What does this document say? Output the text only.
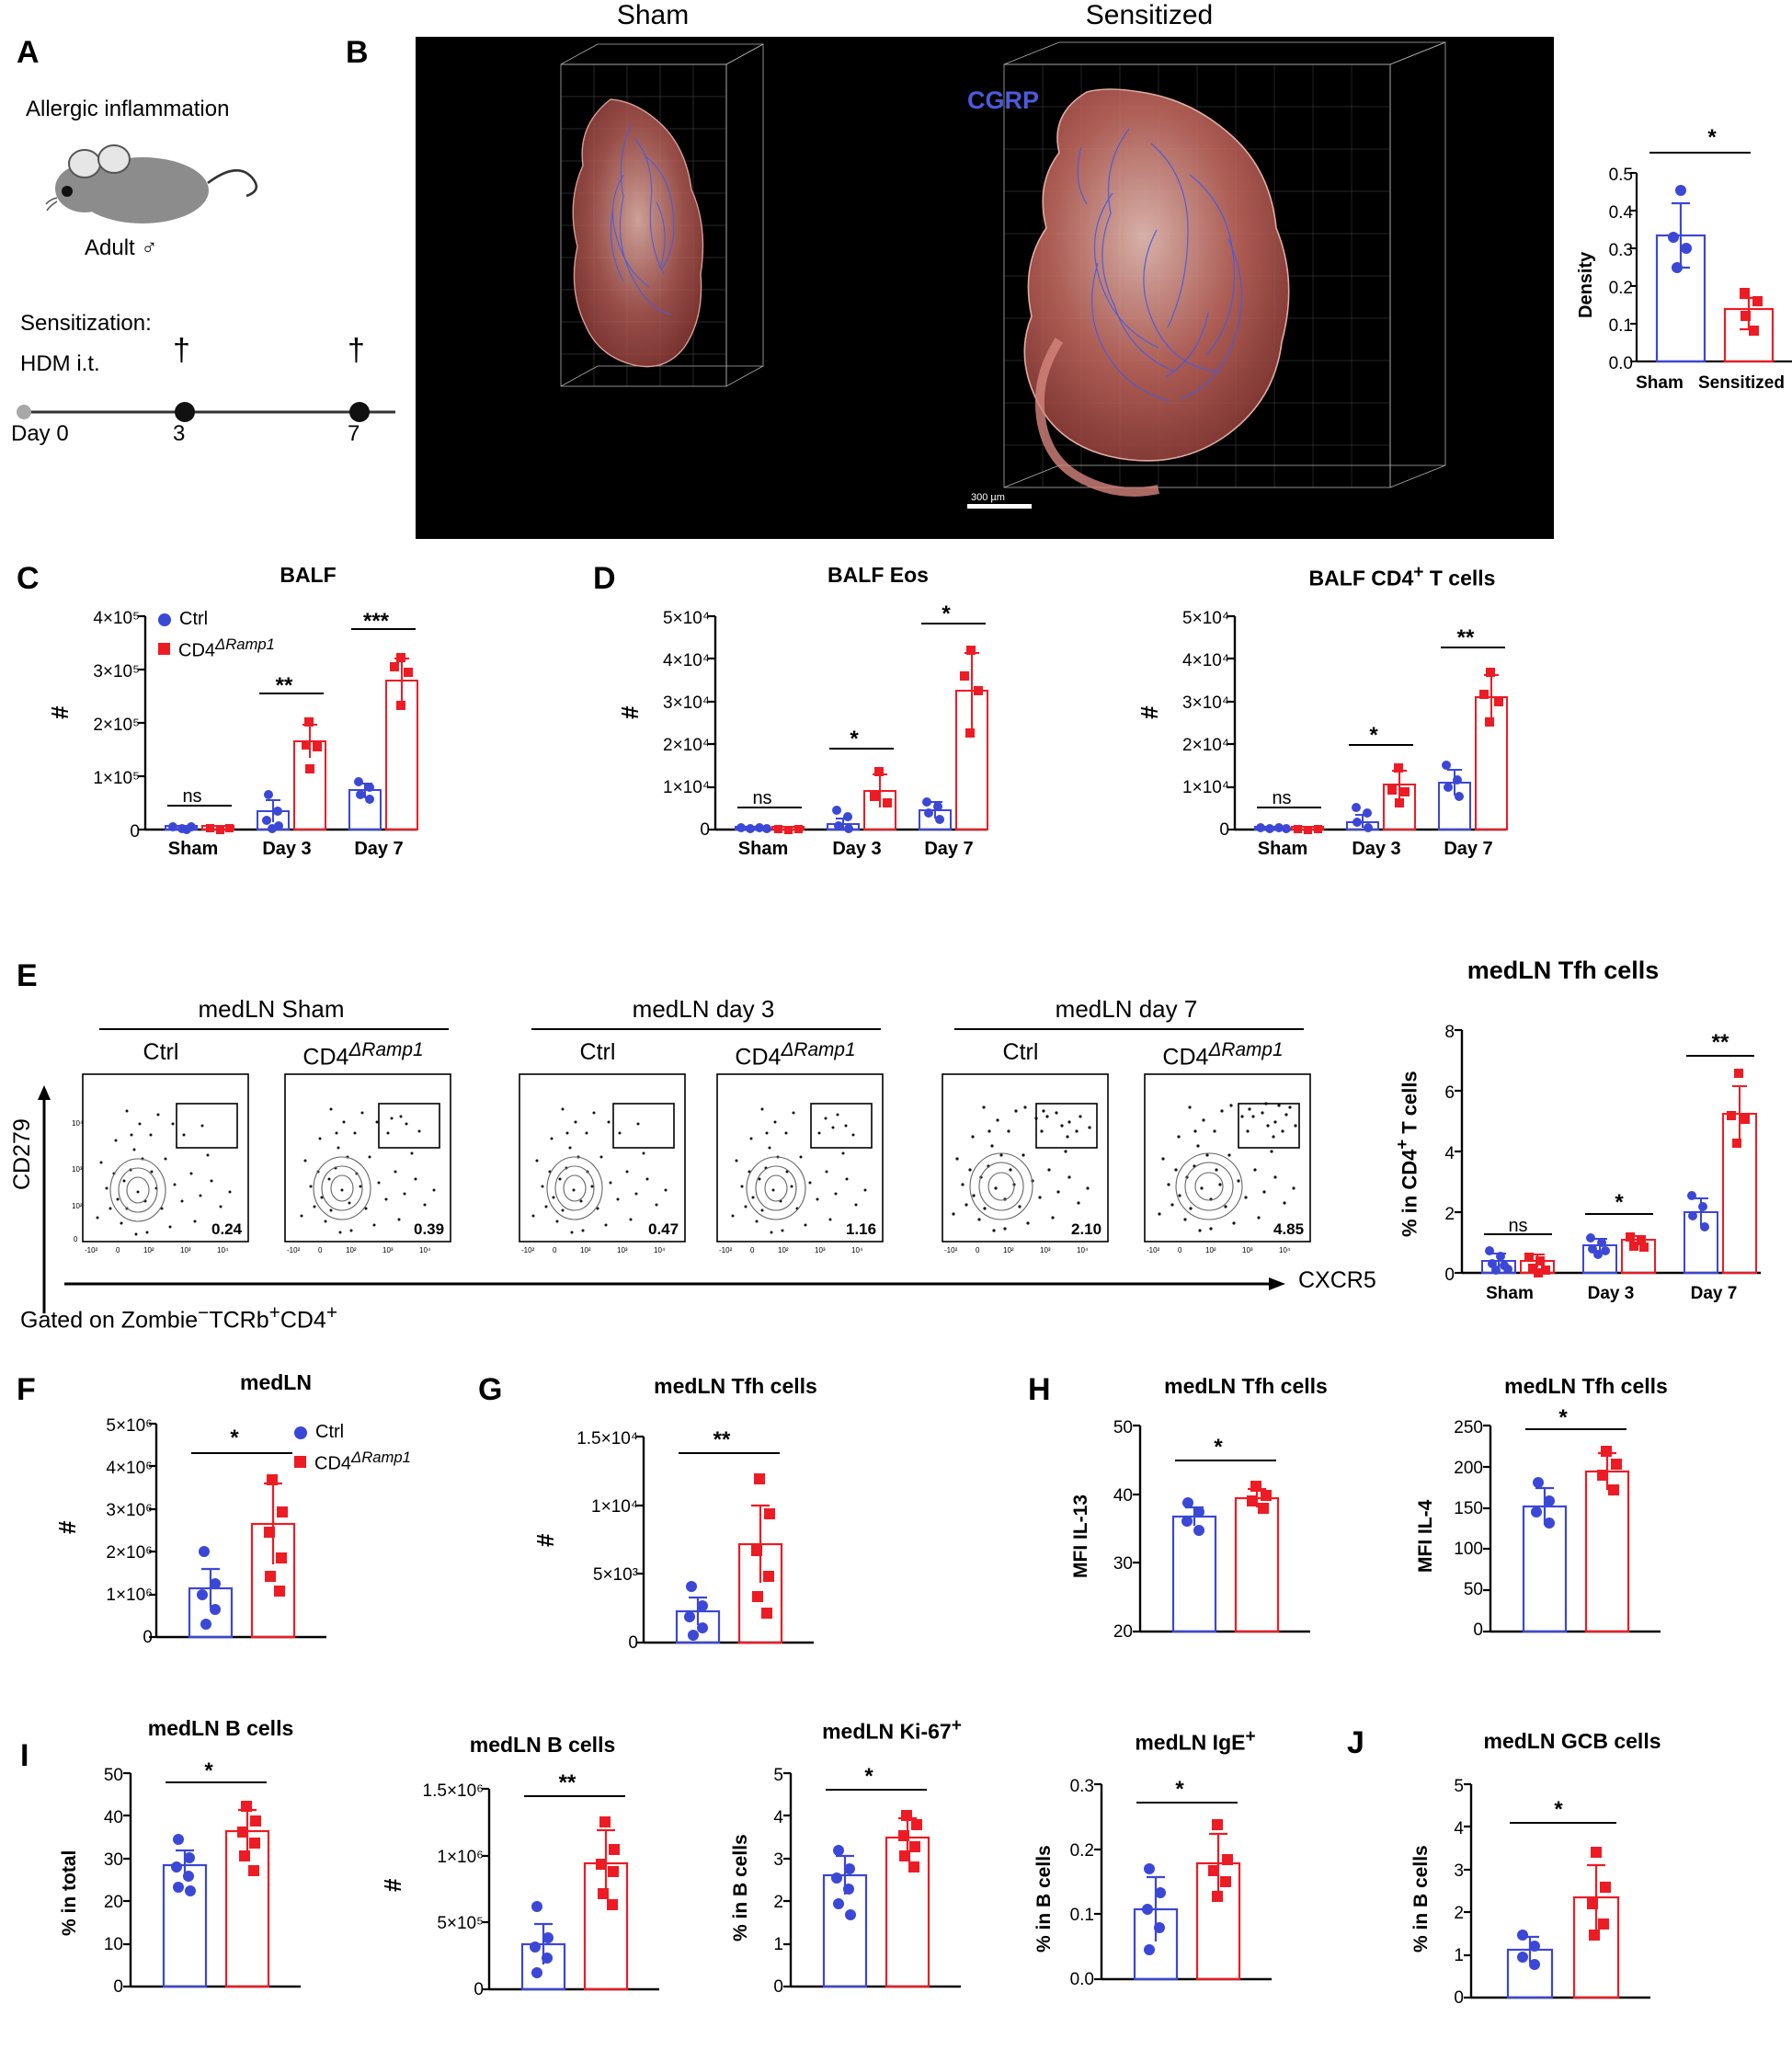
A
Allergic inflammation
Adult ♂
Sensitization:
HDM i.t. †	†
Day 0	3	7
B
Sham	Sensitized
CGRP
300 µm
Density
0.5
0.4
0.3
0.2
0.1
0.0
*
Sham Sensitized
C	BALF
#
4×10⁵
3×10⁵
2×10⁵
1×10⁵
0
Ctrl
$CD4^{\Delta Ramp1}$
ns
**
***
Sham	Day 3	Day 7
D	BALF Eos	BALF CD4+ T cells
#
5×10⁴
4×10⁴
3×10⁴
2×10⁴
1×10⁴
0
ns
*
*
Sham	Day 3	Day 7
#
5×10⁴
4×10⁴
3×10⁴
2×10⁴
1×10⁴
0
ns
*
**
Sham	Day 3	Day 7
E
medLN Sham	medLN day 3	medLN day 7
CD279
Ctrl
0.24
-10² 0	10²	10³	10⁴
0
10²
10³
10⁴
$CD4^{\Delta Ramp1}$
0.39
-10² 0	10²	10³	10⁴
Ctrl
0.47
-10² 0	10²	10³	10⁴
$CD4^{\Delta Ramp1}$
1.16
-10² 0	10²	10³	10⁴
Ctrl
2.10
-10² 0	10²	10³	10⁴
$CD4^{\Delta Ramp1}$
4.85
-10² 0	10²	10³	10⁴
CXCR5
Gated on Zombie−TCRb+CD4+
medLN Tfh cells
% in CD4+ T cells
8
6
4
2
0
ns
*
**
Sham	Day 3	Day 7
F	medLN
#
5×10⁶
4×10⁶
3×10⁶
2×10⁶
1×10⁶
0
Ctrl
$CD4^{\Delta Ramp1}$
*
G	medLN Tfh cells
#
1.5×10⁴
1×10⁴
5×10³
0
**
H	medLN Tfh cells	medLN Tfh cells
MFI IL-13
50
40
30
20
*
MFI IL-4
250
200
150
100
50
0
*
I
medLN B cells
medLN B cells
medLN Ki-67+
medLN IgE+
% in total
50
40
30
20
10
0
*
#
1.5×10⁶
1×10⁶
5×10⁵
0
**
% in B cells
5
4
3
2
1
0
*
% in B cells
0.3
0.2
0.1
0.0
*
J	medLN GCB cells
% in B cells
5
4
3
2
1
0
*
